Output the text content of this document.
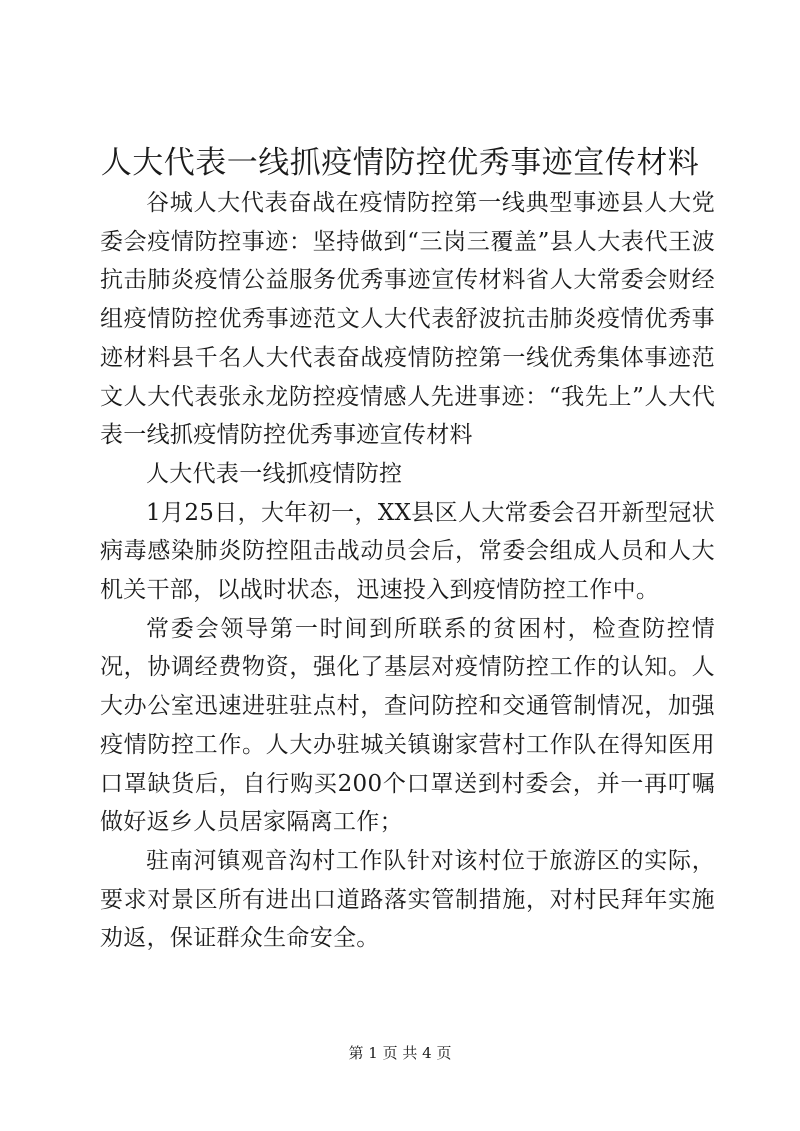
人大代表一线抓疫情防控优秀事迹宣传材料

谷城人大代表奋战在疫情防控第一线典型事迹县人大党委会疫情防控事迹：坚持做到“三岗三覆盖”县人大表代王波抗击肺炎疫情公益服务优秀事迹宣传材料省人大常委会财经组疫情防控优秀事迹范文人大代表舒波抗击肺炎疫情优秀事迹材料县千名人大代表奋战疫情防控第一线优秀集体事迹范文人大代表张永龙防控疫情感人先进事迹：“我先上”人大代表一线抓疫情防控优秀事迹宣传材料

人大代表一线抓疫情防控

1月25日，大年初一，XX县区人大常委会召开新型冠状病毒感染肺炎防控阻击战动员会后，常委会组成人员和人大机关干部，以战时状态，迅速投入到疫情防控工作中。

常委会领导第一时间到所联系的贫困村，检查防控情况，协调经费物资，强化了基层对疫情防控工作的认知。人大办公室迅速进驻驻点村，查问防控和交通管制情况，加强疫情防控工作。人大办驻城关镇谢家营村工作队在得知医用口罩缺货后，自行购买200个口罩送到村委会，并一再叮嘱做好返乡人员居家隔离工作；

驻南河镇观音沟村工作队针对该村位于旅游区的实际，要求对景区所有进出口道路落实管制措施，对村民拜年实施劝返，保证群众生命安全。

第 1 页 共 4 页
